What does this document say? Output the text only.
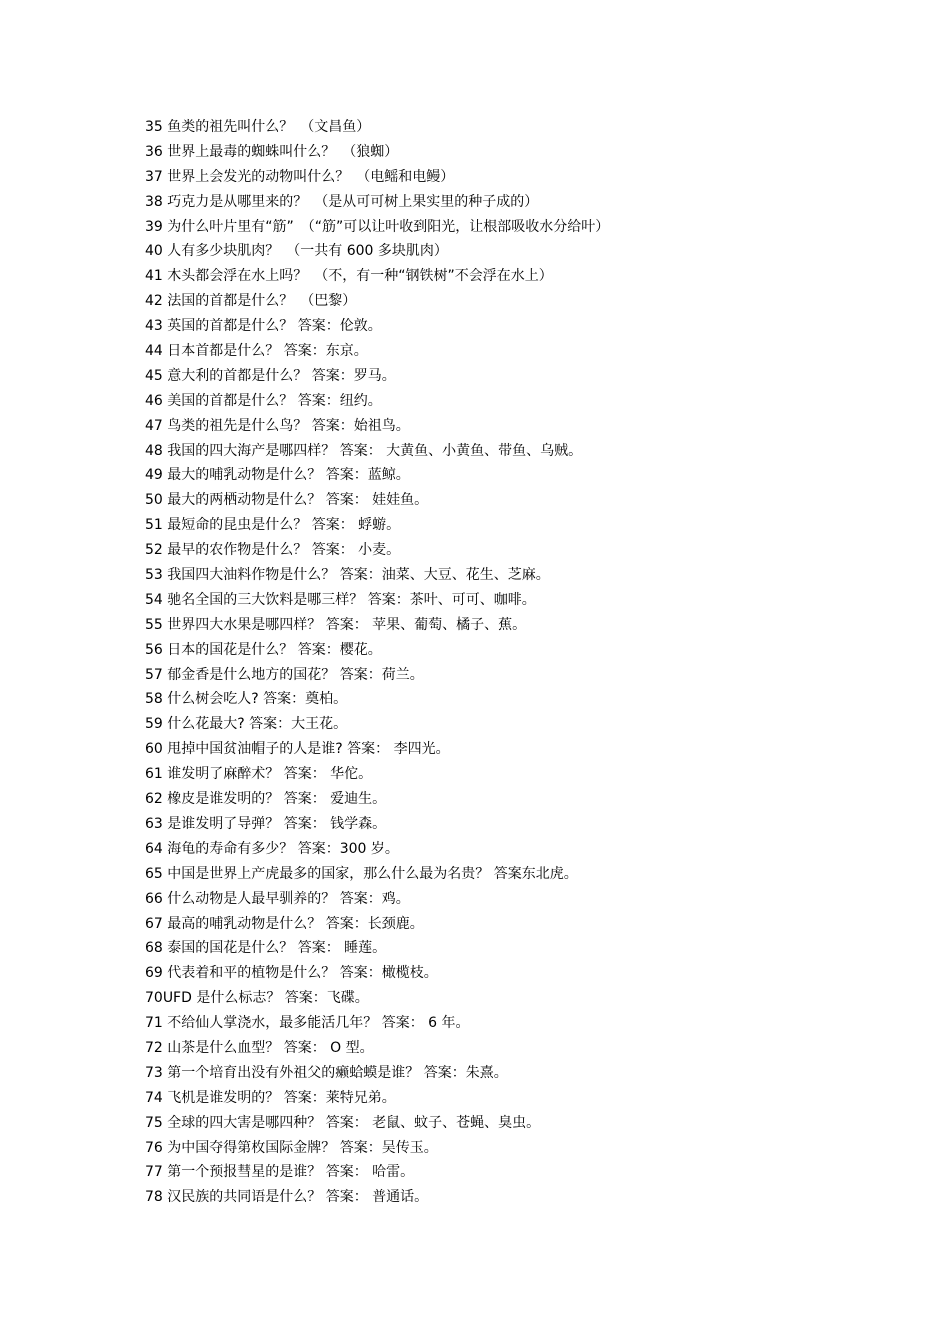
35 鱼类的祖先叫什么？　（文昌鱼）
36 世界上最毒的蜘蛛叫什么？　（狼蜘）
37 世界上会发光的动物叫什么？　（电鳐和电鳗）
38 巧克力是从哪里来的？　（是从可可树上果实里的种子成的）
39 为什么叶片里有“筋”　（“筋”可以让叶收到阳光，让根部吸收水分给叶）
40 人有多少块肌肉？　（一共有 600 多块肌肉）
41 木头都会浮在水上吗？　（不，有一种“钢铁树”不会浮在水上）
42 法国的首都是什么？　（巴黎）
43 英国的首都是什么？ 答案：伦敦。
44 日本首都是什么？ 答案：东京。
45 意大利的首都是什么？ 答案：罗马。
46 美国的首都是什么？ 答案：纽约。
47 鸟类的祖先是什么鸟？ 答案：始祖鸟。
48 我国的四大海产是哪四样？ 答案： 大黄鱼、小黄鱼、带鱼、乌贼。
49 最大的哺乳动物是什么？ 答案：蓝鲸。
50 最大的两栖动物是什么？ 答案： 娃娃鱼。
51 最短命的昆虫是什么？ 答案： 蜉蝣。
52 最早的农作物是什么？ 答案： 小麦。
53 我国四大油料作物是什么？ 答案：油菜、大豆、花生、芝麻。
54 驰名全国的三大饮料是哪三样？ 答案：茶叶、可可、咖啡。
55 世界四大水果是哪四样？ 答案： 苹果、葡萄、橘子、蕉。
56 日本的国花是什么？ 答案：樱花。
57 郁金香是什么地方的国花？ 答案：荷兰。
58 什么树会吃人? 答案：奠柏。
59 什么花最大? 答案：大王花。
60 甩掉中国贫油帽子的人是谁? 答案： 李四光。
61 谁发明了麻醉术？ 答案： 华佗。
62 橡皮是谁发明的？ 答案： 爱迪生。
63 是谁发明了导弹？ 答案： 钱学森。
64 海龟的寿命有多少？ 答案：300 岁。
65 中国是世界上产虎最多的国家，那么什么最为名贵？ 答案东北虎。
66 什么动物是人最早驯养的？ 答案：鸡。
67 最高的哺乳动物是什么？ 答案：长颈鹿。
68 泰国的国花是什么？ 答案： 睡莲。
69 代表着和平的植物是什么？ 答案：橄榄枝。
70UFD 是什么标志？ 答案：飞碟。
71 不给仙人掌浇水，最多能活几年？ 答案： 6 年。
72 山茶是什么血型？ 答案： O 型。
73 第一个培育出没有外祖父的癞蛤蟆是谁？ 答案：朱熹。
74 飞机是谁发明的？ 答案：莱特兄弟。
75 全球的四大害是哪四种？ 答案： 老鼠、蚊子、苍蝇、臭虫。
76 为中国夺得第枚国际金牌？ 答案：吴传玉。
77 第一个预报彗星的是谁？ 答案： 哈雷。
78 汉民族的共同语是什么？ 答案： 普通话。
